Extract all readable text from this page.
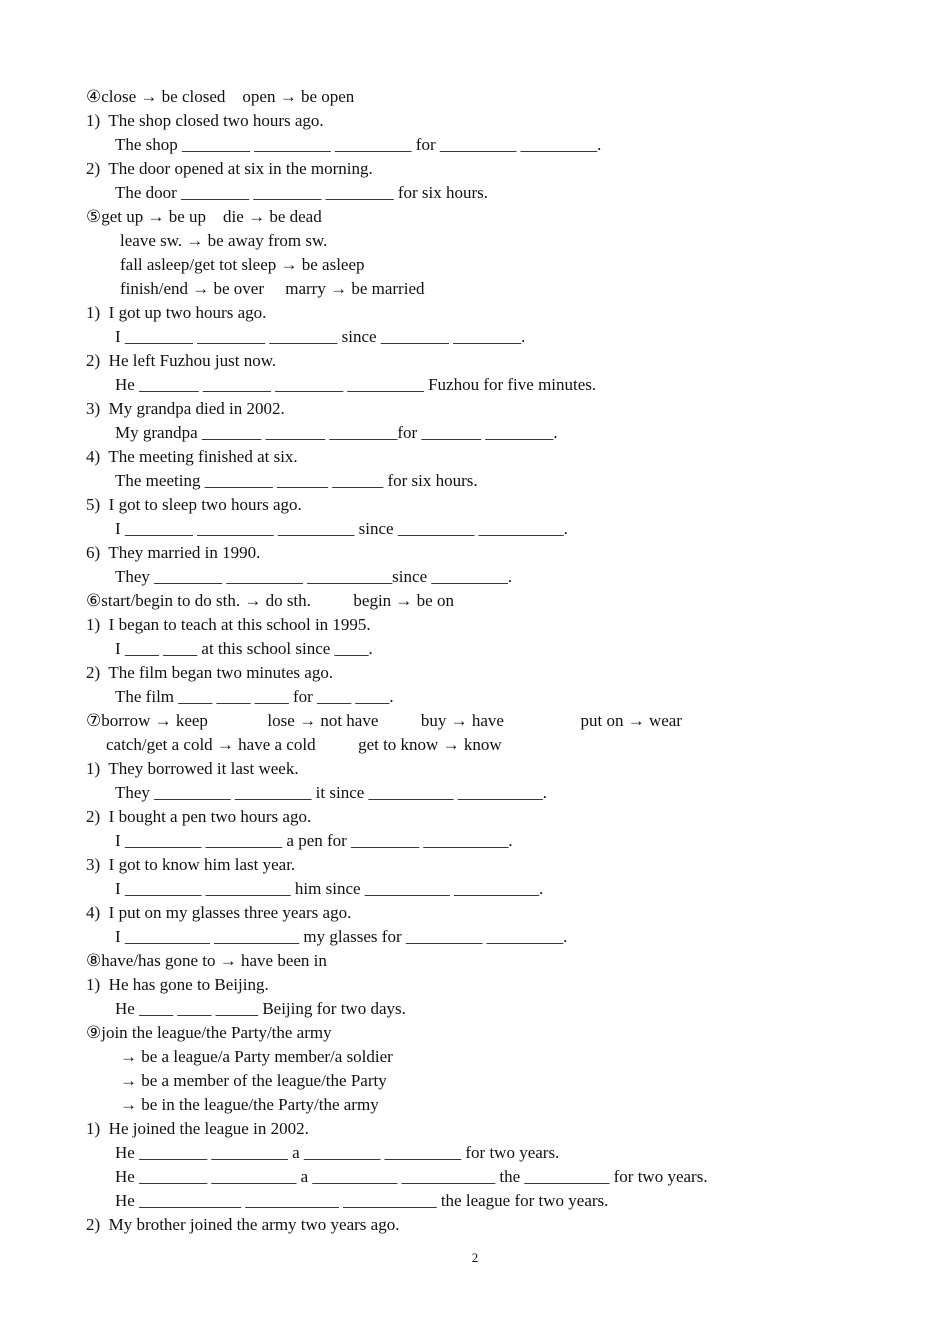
④close → be closed    open → be open
1)  The shop closed two hours ago.
The shop ________ _________ _________ for _________ _________.
2)  The door opened at six in the morning.
The door ________ ________ ________ for six hours.
⑤get up → be up    die → be dead
leave sw. → be away from sw.
fall asleep/get tot sleep → be asleep
finish/end → be over     marry → be married
1)  I got up two hours ago.
I ________ ________ ________ since ________ ________.
2)  He left Fuzhou just now.
He _______ ________ ________ _________ Fuzhou for five minutes.
3)  My grandpa died in 2002.
My grandpa _______ _______ ________for _______ ________.
4)  The meeting finished at six.
The meeting ________ ______ ______ for six hours.
5)  I got to sleep two hours ago.
I ________ _________ _________ since _________ __________.
6)  They married in 1990.
They ________ _________ __________since _________.
⑥start/begin to do sth. → do sth.          begin → be on
1)  I began to teach at this school in 1995.
I ____ ____ at this school since ____.
2)  The film began two minutes ago.
The film ____ ____ ____ for ____ ____.
⑦borrow → keep              lose → not have          buy → have                  put on → wear
catch/get a cold → have a cold          get to know → know
1)  They borrowed it last week.
They _________ _________ it since __________ __________.
2)  I bought a pen two hours ago.
I _________ _________ a pen for ________ __________.
3)  I got to know him last year.
I _________ __________ him since __________ __________.
4)  I put on my glasses three years ago.
I __________ __________ my glasses for _________ _________.
⑧have/has gone to → have been in
1)  He has gone to Beijing.
He ____ ____ _____ Beijing for two days.
⑨join the league/the Party/the army
→ be a league/a Party member/a soldier
→ be a member of the league/the Party
→ be in the league/the Party/the army
1)  He joined the league in 2002.
He ________ _________ a _________ _________ for two years.
He ________ __________ a __________ ___________ the __________ for two years.
He ____________ ___________ ___________ the league for two years.
2)  My brother joined the army two years ago.
2
